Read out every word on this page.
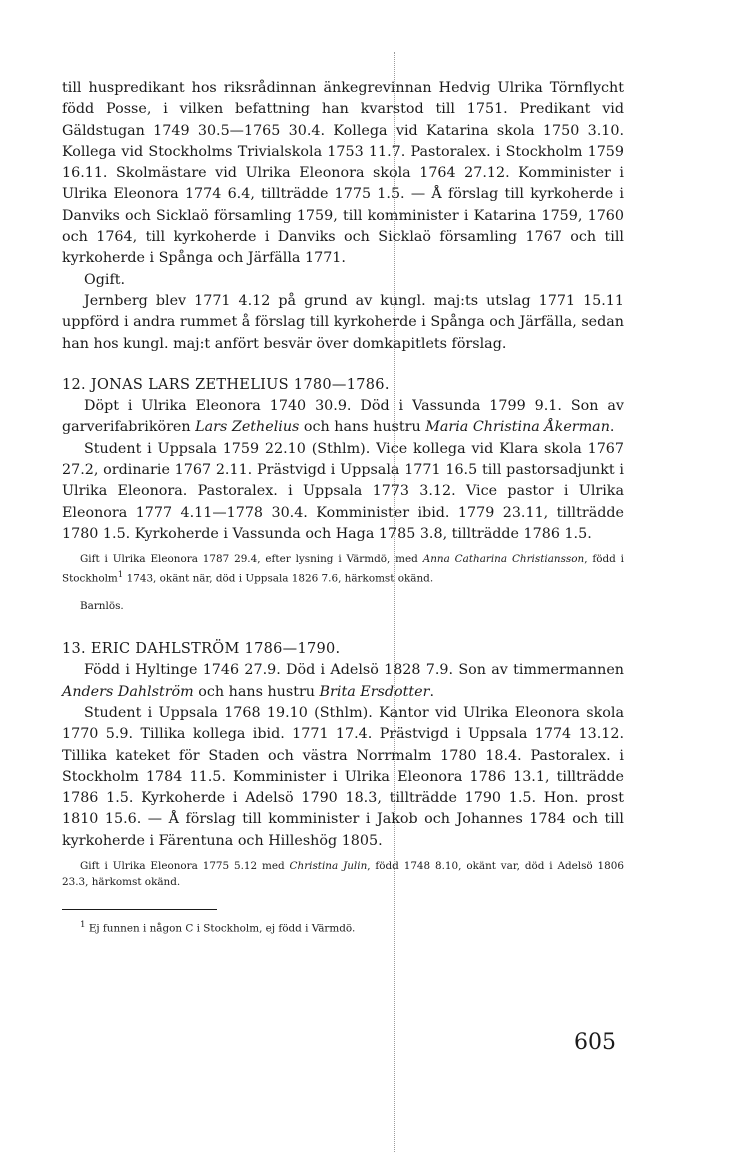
till huspredikant hos riksrådinnan änkegrevinnan Hedvig Ulrika Törnflycht född Posse, i vilken befattning han kvarstod till 1751. Predikant vid Gäldstugan 1749 30.5—1765 30.4. Kollega vid Katarina skola 1750 3.10. Kollega vid Stockholms Trivialskola 1753 11.7. Pastoralex. i Stockholm 1759 16.11. Skolmästare vid Ulrika Eleonora skola 1764 27.12. Komminister i Ulrika Eleonora 1774 6.4, tillträdde 1775 1.5. — Å förslag till kyrkoherde i Danviks och Sicklaö församling 1759, till komminister i Katarina 1759, 1760 och 1764, till kyrkoherde i Danviks och Sicklaö församling 1767 och till kyrkoherde i Spånga och Järfälla 1771.

Ogift.

Jernberg blev 1771 4.12 på grund av kungl. maj:ts utslag 1771 15.11 uppförd i andra rummet å förslag till kyrkoherde i Spånga och Järfälla, sedan han hos kungl. maj:t anfört besvär över domkapitlets förslag.

12. JONAS LARS ZETHELIUS 1780—1786.

Döpt i Ulrika Eleonora 1740 30.9. Död i Vassunda 1799 9.1. Son av garverifabrikören Lars Zethelius och hans hustru Maria Christina Åkerman.

Student i Uppsala 1759 22.10 (Sthlm). Vice kollega vid Klara skola 1767 27.2, ordinarie 1767 2.11. Prästvigd i Uppsala 1771 16.5 till pastorsadjunkt i Ulrika Eleonora. Pastoralex. i Uppsala 1773 3.12. Vice pastor i Ulrika Eleonora 1777 4.11—1778 30.4. Komminister ibid. 1779 23.11, tillträdde 1780 1.5. Kyrkoherde i Vassunda och Haga 1785 3.8, tillträdde 1786 1.5.

Gift i Ulrika Eleonora 1787 29.4, efter lysning i Värmdö, med Anna Catharina Christiansson, född i Stockholm$^1$ 1743, okänt när, död i Uppsala 1826 7.6, härkomst okänd.

Barnlös.

13. ERIC DAHLSTRÖM 1786—1790.

Född i Hyltinge 1746 27.9. Död i Adelsö 1828 7.9. Son av timmermannen Anders Dahlström och hans hustru Brita Ersdotter.

Student i Uppsala 1768 19.10 (Sthlm). Kantor vid Ulrika Eleonora skola 1770 5.9. Tillika kollega ibid. 1771 17.4. Prästvigd i Uppsala 1774 13.12. Tillika kateket för Staden och västra Norrmalm 1780 18.4. Pastoralex. i Stockholm 1784 11.5. Komminister i Ulrika Eleonora 1786 13.1, tillträdde 1786 1.5. Kyrkoherde i Adelsö 1790 18.3, tillträdde 1790 1.5. Hon. prost 1810 15.6. — Å förslag till komminister i Jakob och Johannes 1784 och till kyrkoherde i Färentuna och Hilleshög 1805.

Gift i Ulrika Eleonora 1775 5.12 med Christina Julin, född 1748 8.10, okänt var, död i Adelsö 1806 23.3, härkomst okänd.

$^1$ Ej funnen i någon C i Stockholm, ej född i Värmdö.

605
